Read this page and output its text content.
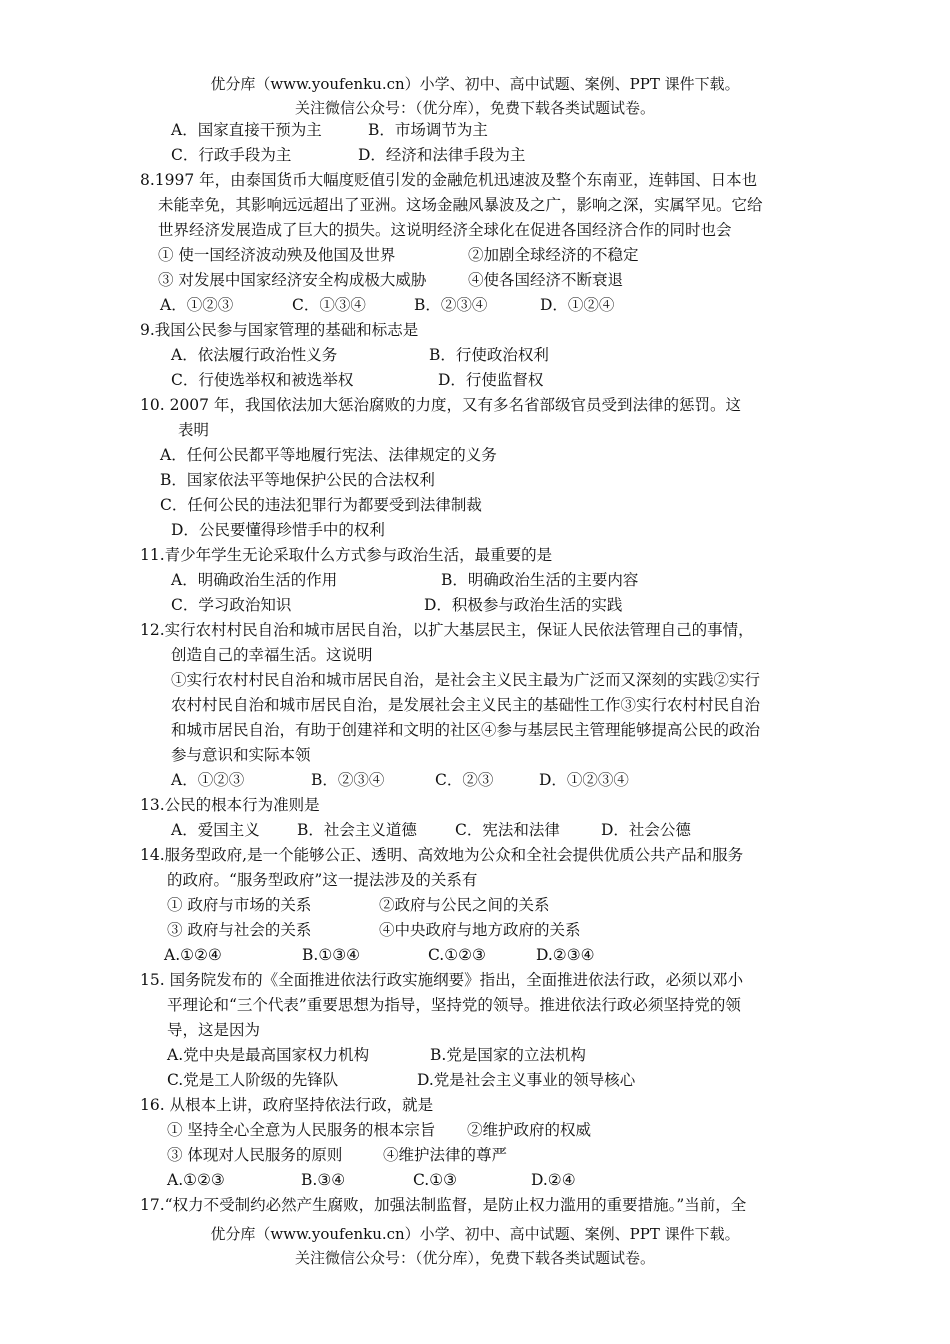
优分库（www.youfenku.cn）小学、初中、高中试题、案例、PPT 课件下载。
关注微信公众号：（优分库），免费下载各类试题试卷。
A．国家直接干预为主	B．市场调节为主
C．行政手段为主	D．经济和法律手段为主
8.1997 年，由泰国货币大幅度贬值引发的金融危机迅速波及整个东南亚，连韩国、日本也
未能幸免，其影响远远超出了亚洲。这场金融风暴波及之广，影响之深，实属罕见。它给
世界经济发展造成了巨大的损失。这说明经济全球化在促进各国经济合作的同时也会
① 使一国经济波动殃及他国及世界	②加剧全球经济的不稳定
③ 对发展中国家经济安全构成极大威胁	④使各国经济不断衰退
A．①②③	C．①③④	B．②③④	D．①②④
9.我国公民参与国家管理的基础和标志是
A．依法履行政治性义务	B．行使政治权利
C．行使选举权和被选举权	D．行使监督权
10. 2007 年，我国依法加大惩治腐败的力度，又有多名省部级官员受到法律的惩罚。这
表明
A．任何公民都平等地履行宪法、法律规定的义务
B．国家依法平等地保护公民的合法权利
C．任何公民的违法犯罪行为都要受到法律制裁
D．公民要懂得珍惜手中的权利
11.青少年学生无论采取什么方式参与政治生活，最重要的是
A．明确政治生活的作用	B．明确政治生活的主要内容
C．学习政治知识	D．积极参与政治生活的实践
12.实行农村村民自治和城市居民自治，以扩大基层民主，保证人民依法管理自己的事情，
创造自己的幸福生活。这说明
①实行农村村民自治和城市居民自治，是社会主义民主最为广泛而又深刻的实践②实行
农村村民自治和城市居民自治，是发展社会主义民主的基础性工作③实行农村村民自治
和城市居民自治，有助于创建祥和文明的社区④参与基层民主管理能够提高公民的政治
参与意识和实际本领
A．①②③	B．②③④	C．②③	D．①②③④
13.公民的根本行为准则是
A．爱国主义 B．社会主义道德 C．宪法和法律	D．社会公德
14.服务型政府,是一个能够公正、透明、高效地为公众和全社会提供优质公共产品和服务
的政府。“服务型政府”这一提法涉及的关系有
① 政府与市场的关系	②政府与公民之间的关系
③ 政府与社会的关系	④中央政府与地方政府的关系
A.①②④	B.①③④	C.①②③	D.②③④
15. 国务院发布的《全面推进依法行政实施纲要》指出，全面推进依法行政，必须以邓小
平理论和“三个代表”重要思想为指导，坚持党的领导。推进依法行政必须坚持党的领
导，这是因为
A.党中央是最高国家权力机构	B.党是国家的立法机构
C.党是工人阶级的先锋队	D.党是社会主义事业的领导核心
16. 从根本上讲，政府坚持依法行政，就是
① 坚持全心全意为人民服务的根本宗旨 ②维护政府的权威
③ 体现对人民服务的原则	④维护法律的尊严
A.①②③	B.③④	C.①③	D.②④
17.“权力不受制约必然产生腐败，加强法制监督，是防止权力滥用的重要措施。”当前，全
优分库（www.youfenku.cn）小学、初中、高中试题、案例、PPT 课件下载。
关注微信公众号：（优分库），免费下载各类试题试卷。
